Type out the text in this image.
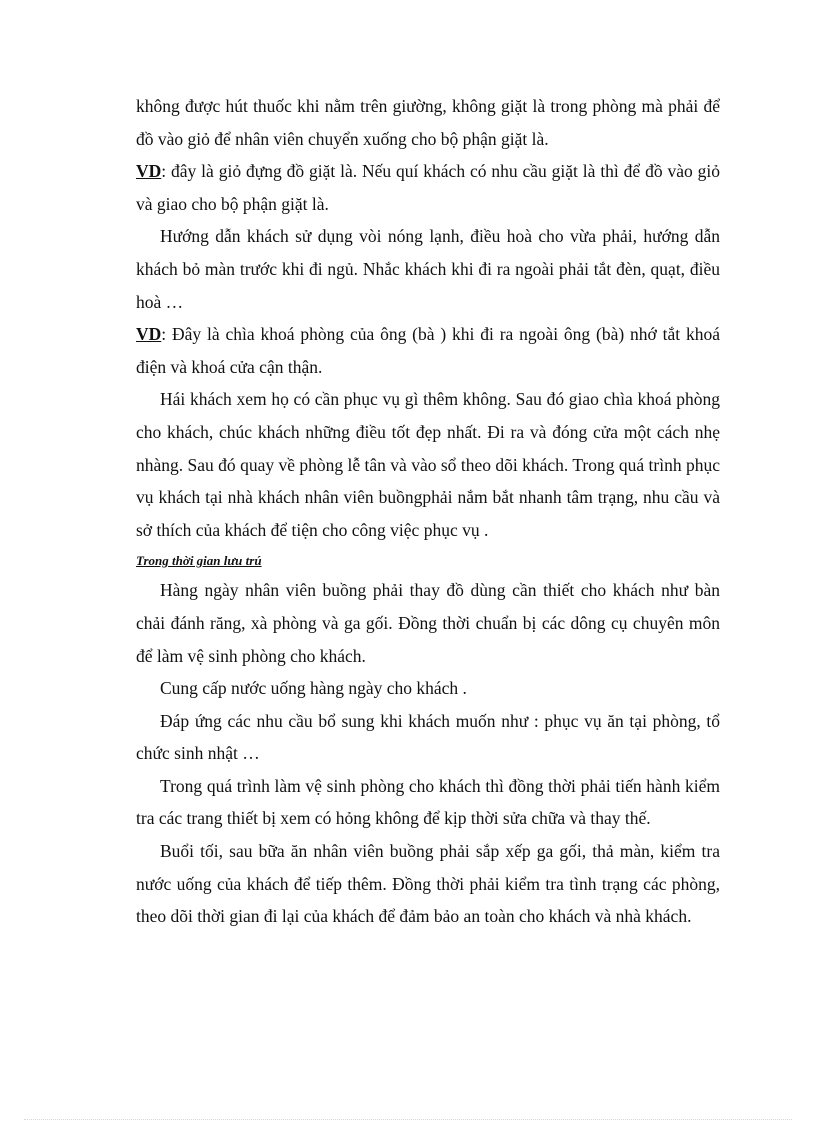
không được hút thuốc khi nằm trên giường, không giặt là trong phòng mà phải để đồ vào giỏ để nhân viên chuyển xuống cho bộ phận giặt là.

VD: đây là giỏ đựng đồ giặt là. Nếu quí khách có nhu cầu giặt là thì để đồ vào giỏ và giao cho bộ phận giặt là.

Hướng dẫn khách sử dụng vòi nóng lạnh, điều hoà cho vừa phải, hướng dẫn khách bỏ màn trước khi đi ngủ. Nhắc khách khi đi ra ngoài phải tắt đèn, quạt, điều hoà …

VD: Đây là chìa khoá phòng của ông (bà ) khi đi ra ngoài ông (bà) nhớ tắt khoá điện và khoá cửa cận thận.

Hái khách xem họ có cần phục vụ gì thêm không. Sau đó giao chìa khoá phòng cho khách, chúc khách những điều tốt đẹp nhất. Đi ra và đóng cửa một cách nhẹ nhàng. Sau đó quay về phòng lễ tân và vào sổ theo dõi khách. Trong quá trình phục vụ khách tại nhà khách nhân viên buồngphải nắm bắt nhanh tâm trạng, nhu cầu và sở thích của khách để tiện cho công việc phục vụ .

Trong thời gian lưu trú

Hàng ngày nhân viên buồng phải thay đồ dùng cần thiết cho khách như bàn chải đánh răng, xà phòng và ga gối. Đồng thời chuẩn bị các dông cụ chuyên môn để làm vệ sinh phòng cho khách.

Cung cấp nước uống hàng ngày cho khách .

Đáp ứng các nhu cầu bổ sung khi khách muốn như : phục vụ ăn tại phòng, tổ chức sinh nhật …

Trong quá trình làm vệ sinh phòng cho khách thì đồng thời phải tiến hành kiểm tra các trang thiết bị xem có hỏng không để kịp thời sửa chữa và thay thế.

Buổi tối, sau bữa ăn nhân viên buồng phải sắp xếp ga gối, thả màn, kiểm tra nước uống của khách để tiếp thêm. Đồng thời phải kiểm tra tình trạng các phòng, theo dõi thời gian đi lại của khách để đảm bảo an toàn cho khách và nhà khách.
